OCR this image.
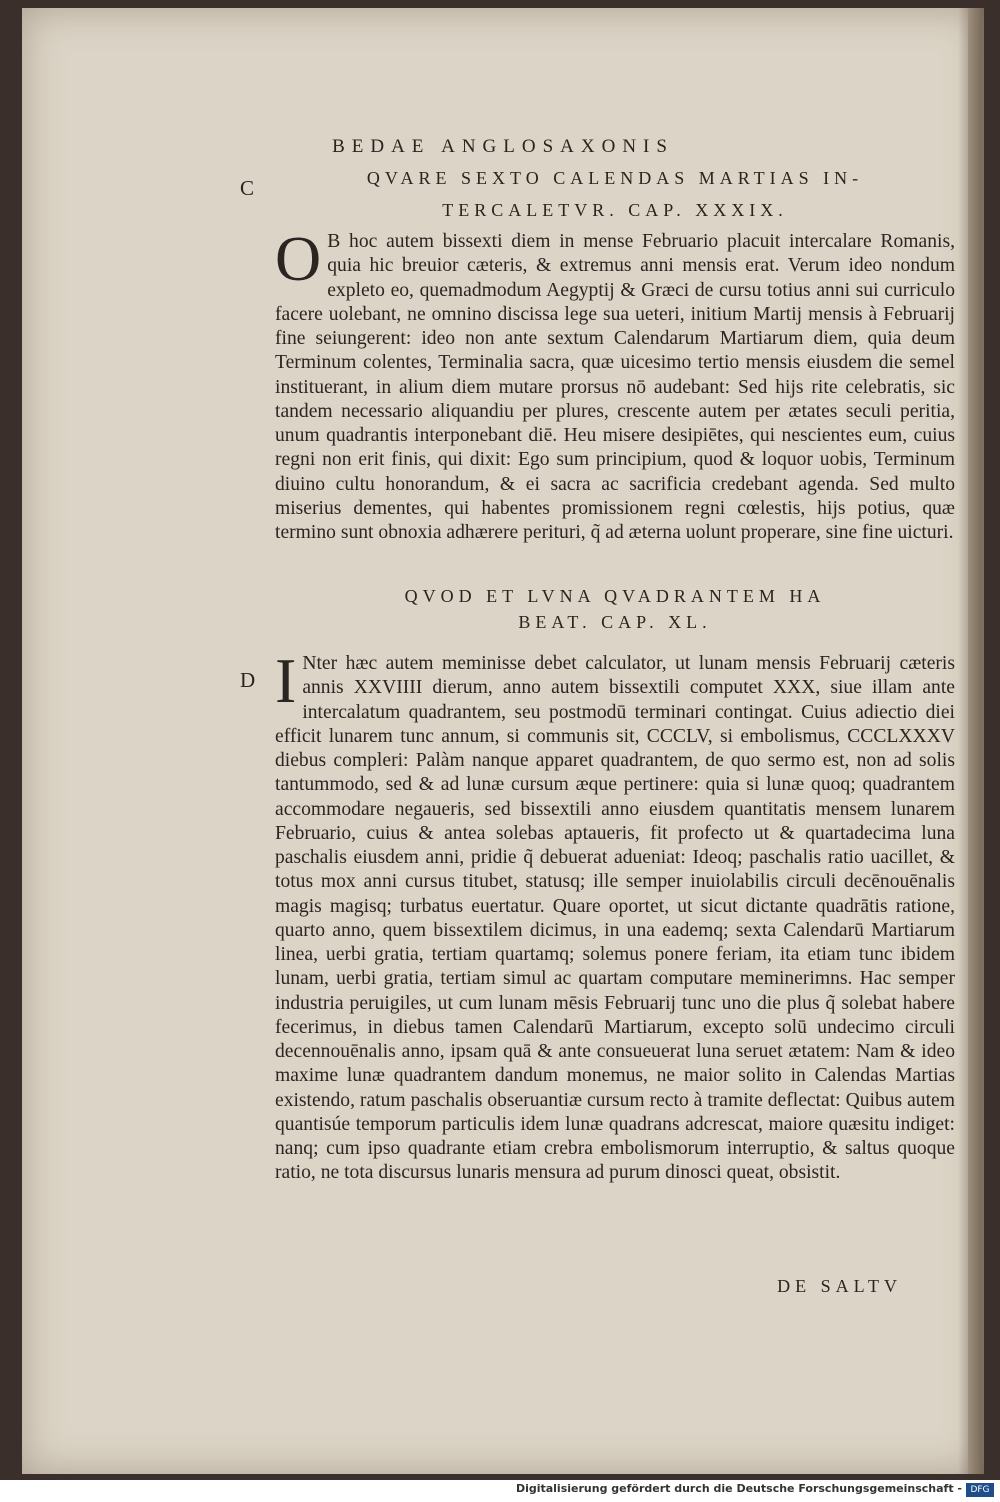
BEDAE ANGLOSAXONIS
C
D
QVARE SEXTO CALENDAS MARTIAS IN-
TERCALETVR. CAP. XXXIX.

O B hoc autem bissexti diem in mense Februario placuit intercalare Romanis, quia hic breuior cæteris, & extremus anni mensis erat. Verum ideo nondum expleto eo, quemadmodum Aegyptij & Græci de cursu totius anni sui curriculo facere uolebant, ne omnino discissa lege sua ueteri, initium Martij mensis à Februarij fine seiungerent: ideo non ante sextum Calendarum Martiarum diem, quia deum Terminum colentes, Terminalia sacra, quæ uicesimo tertio mensis eiusdem die semel instituerant, in alium diem mutare prorsus nō audebant: Sed hijs rite celebratis, sic tandem necessario aliquandiu per plures, crescente autem per ætates seculi peritia, unum quadrantis interponebant diē. Heu misere desipiētes, qui nescientes eum, cuius regni non erit finis, qui dixit: Ego sum principium, quod & loquor uobis, Terminum diuino cultu honorandum, & ei sacra ac sacrificia credebant agenda. Sed multo miserius dementes, qui habentes promissionem regni cœlestis, hijs potius, quæ termino sunt obnoxia adhærere perituri, q̃ ad æterna uolunt properare, sine fine uicturi.

QVOD ET LVNA QVADRANTEM HA
BEAT. CAP. XL.

I Nter hæc autem meminisse debet calculator, ut lunam mensis Februarij cæteris annis XXVIIII dierum, anno autem bissextili computet XXX, siue illam ante intercalatum quadrantem, seu postmodū terminari contingat. Cuius adiectio diei efficit lunarem tunc annum, si communis sit, CCCLV, si embolismus, CCCLXXXV diebus compleri: Palàm nanque apparet quadrantem, de quo sermo est, non ad solis tantummodo, sed & ad lunæ cursum æque pertinere: quia si lunæ quoq; quadrantem accommodare negaueris, sed bissextili anno eiusdem quantitatis mensem lunarem Februario, cuius & antea solebas aptaueris, fit profecto ut & quartadecima luna paschalis eiusdem anni, pridie q̃ debuerat adueniat: Ideoq; paschalis ratio uacillet, & totus mox anni cursus titubet, statusq; ille semper inuiolabilis circuli decēnouēnalis magis magisq; turbatus euertatur. Quare oportet, ut sicut dictante quadrātis ratione, quarto anno, quem bissextilem dicimus, in una eademq; sexta Calendarū Martiarum linea, uerbi gratia, tertiam quartamq; solemus ponere feriam, ita etiam tunc ibidem lunam, uerbi gratia, tertiam simul ac quartam computare meminerimns. Hac semper industria peruigiles, ut cum lunam mēsis Februarij tunc uno die plus q̃ solebat habere fecerimus, in diebus tamen Calendarū Martiarum, excepto solū undecimo circuli decennouēnalis anno, ipsam quā & ante consueuerat luna seruet ætatem: Nam & ideo maxime lunæ quadrantem dandum monemus, ne maior solito in Calendas Martias existendo, ratum paschalis obseruantiæ cursum recto à tramite deflectat: Quibus autem quantisúe temporum particulis idem lunæ quadrans adcrescat, maiore quæsitu indiget: nanq; cum ipso quadrante etiam crebra embolismorum interruptio, & saltus quoque ratio, ne tota discursus lunaris mensura ad purum dinosci queat, obsistit.

DE SALTV
Digitalisierung gefördert durch die Deutsche Forschungsgemeinschaft - DFG
